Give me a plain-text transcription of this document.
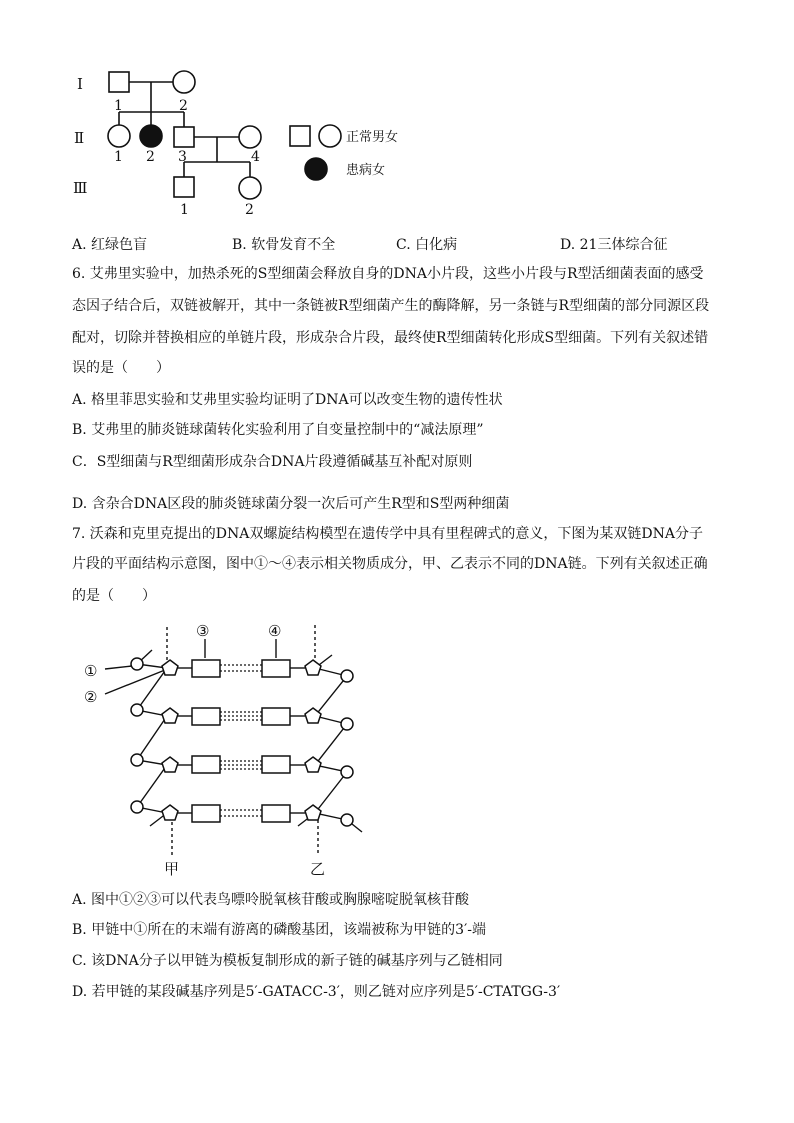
Ⅰ
Ⅱ
Ⅲ
1	2
1 2 3	4
1	2
正常男女
患病女
A. 红绿色盲	B. 软骨发育不全	C. 白化病	D. 21三体综合征
6. 艾弗里实验中，加热杀死的S型细菌会释放自身的DNA小片段，这些小片段与R型活细菌表面的感受
态因子结合后，双链被解开，其中一条链被R型细菌产生的酶降解，另一条链与R型细菌的部分同源区段
配对，切除并替换相应的单链片段，形成杂合片段，最终使R型细菌转化形成S型细菌。下列有关叙述错
误的是（　　）
A. 格里菲思实验和艾弗里实验均证明了DNA可以改变生物的遗传性状
B. 艾弗里的肺炎链球菌转化实验利用了自变量控制中的“减法原理”
C．S型细菌与R型细菌形成杂合DNA片段遵循碱基互补配对原则
D. 含杂合DNA区段的肺炎链球菌分裂一次后可产生R型和S型两种细菌
7. 沃森和克里克提出的DNA双螺旋结构模型在遗传学中具有里程碑式的意义，下图为某双链DNA分子
片段的平面结构示意图，图中①～④表示相关物质成分，甲、乙表示不同的DNA链。下列有关叙述正确
的是（　　）
①
②
③	④
甲	乙
A. 图中①②③可以代表鸟嘌呤脱氧核苷酸或胸腺嘧啶脱氧核苷酸
B. 甲链中①所在的末端有游离的磷酸基团，该端被称为甲链的3′-端
C. 该DNA分子以甲链为模板复制形成的新子链的碱基序列与乙链相同
D. 若甲链的某段碱基序列是5′-GATACC-3′，则乙链对应序列是5′-CTATGG-3′
